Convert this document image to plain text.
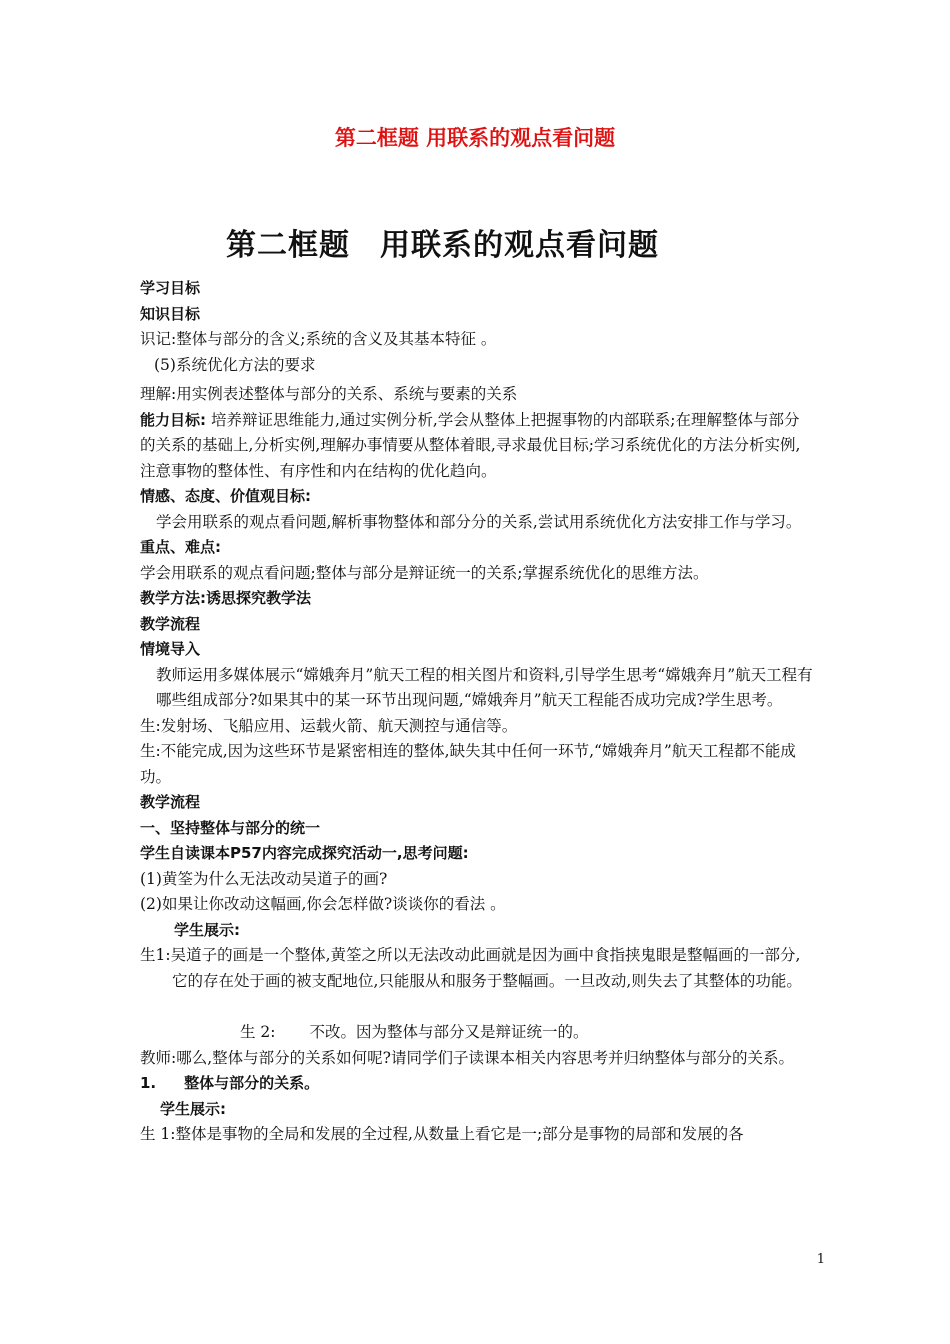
第二框题 用联系的观点看问题
第二框题 用联系的观点看问题

学习目标

知识目标

识记:整体与部分的含义;系统的含义及其基本特征 。

(5)系统优化方法的要求

理解:用实例表述整体与部分的关系、系统与要素的关系

能力目标: 培养辩证思维能力,通过实例分析,学会从整体上把握事物的内部联系;在理解整体与部分的关系的基础上,分析实例,理解办事情要从整体着眼,寻求最优目标;学习系统优化的方法分析实例,注意事物的整体性、有序性和内在结构的优化趋向。

情感、态度、价值观目标:

学会用联系的观点看问题,解析事物整体和部分分的关系,尝试用系统优化方法安排工作与学习。

重点、难点:

学会用联系的观点看问题;整体与部分是辩证统一的关系;掌握系统优化的思维方法。

教学方法:诱思探究教学法

教学流程

情境导入

教师运用多媒体展示“嫦娥奔月”航天工程的相关图片和资料,引导学生思考“嫦娥奔月”航天工程有哪些组成部分?如果其中的某一环节出现问题,“嫦娥奔月”航天工程能否成功完成?学生思考。

生:发射场、飞船应用、运载火箭、航天测控与通信等。

生:不能完成,因为这些环节是紧密相连的整体,缺失其中任何一环节,“嫦娥奔月”航天工程都不能成功。

教学流程

一、坚持整体与部分的统一

学生自读课本P57内容完成探究活动一,思考问题:

(1)黄筌为什么无法改动吴道子的画?

(2)如果让你改动这幅画,你会怎样做?谈谈你的看法 。

学生展示:

生1:吴道子的画是一个整体,黄筌之所以无法改动此画就是因为画中食指挟鬼眼是整幅画的一部分,它的存在处于画的被支配地位,只能服从和服务于整幅画。一旦改动,则失去了其整体的功能。

生 2: 不改。因为整体与部分又是辩证统一的。

教师:哪么,整体与部分的关系如何呢?请同学们子读课本相关内容思考并归纳整体与部分的关系。

1. 整体与部分的关系。

学生展示:

生 1:整体是事物的全局和发展的全过程,从数量上看它是一;部分是事物的局部和发展的各

1
